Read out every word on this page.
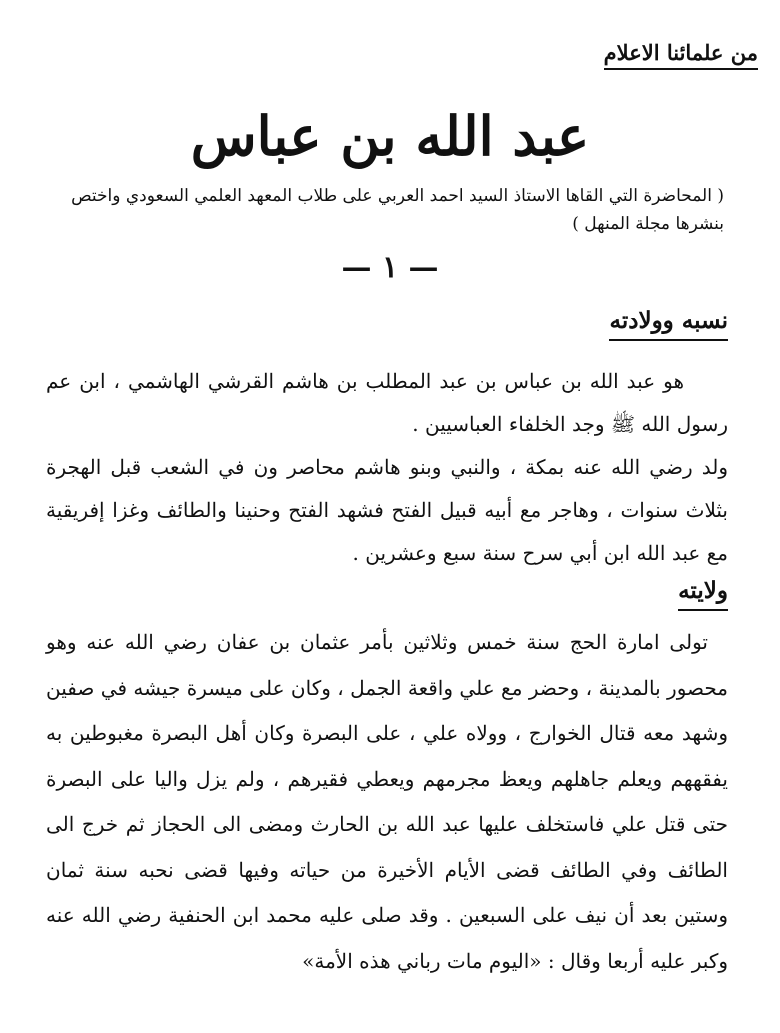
من علمائنا الاعلام
عبد الله بن عباس
( المحاضرة التي القاها الاستاذ السيد احمد العربي على طلاب المعهد العلمي السعودي واختص بنشرها مجلة المنهل )
— ١ —
نسبه وولادته

هو عبد الله بن عباس بن عبد المطلب بن هاشم القرشي الهاشمي ، ابن عم رسول الله ﷺ وجد الخلفاء العباسيين .

ولد رضي الله عنه بمكة ، والنبي وبنو هاشم محاصر ون في الشعب قبل الهجرة بثلاث سنوات ، وهاجر مع أبيه قبيل الفتح فشهد الفتح وحنينا والطائف وغزا إفريقية مع عبد الله ابن أبي سرح سنة سبع وعشرين .

ولايته

تولى امارة الحج سنة خمس وثلاثين بأمر عثمان بن عفان رضي الله عنه وهو محصور بالمدينة ، وحضر مع علي واقعة الجمل ، وكان على ميسرة جيشه في صفين وشهد معه قتال الخوارج ، وولاه علي ، على البصرة وكان أهل البصرة مغبوطين به يفقههم ويعلم جاهلهم ويعظ مجرمهم ويعطي فقيرهم ، ولم يزل واليا على البصرة حتى قتل علي فاستخلف عليها عبد الله بن الحارث ومضى الى الحجاز ثم خرج الى الطائف وفي الطائف قضى الأيام الأخيرة من حياته وفيها قضى نحبه سنة ثمان وستين بعد أن نيف على السبعين . وقد صلى عليه محمد ابن الحنفية رضي الله عنه وكبر عليه أربعا وقال : «اليوم مات رباني هذه الأمة»
